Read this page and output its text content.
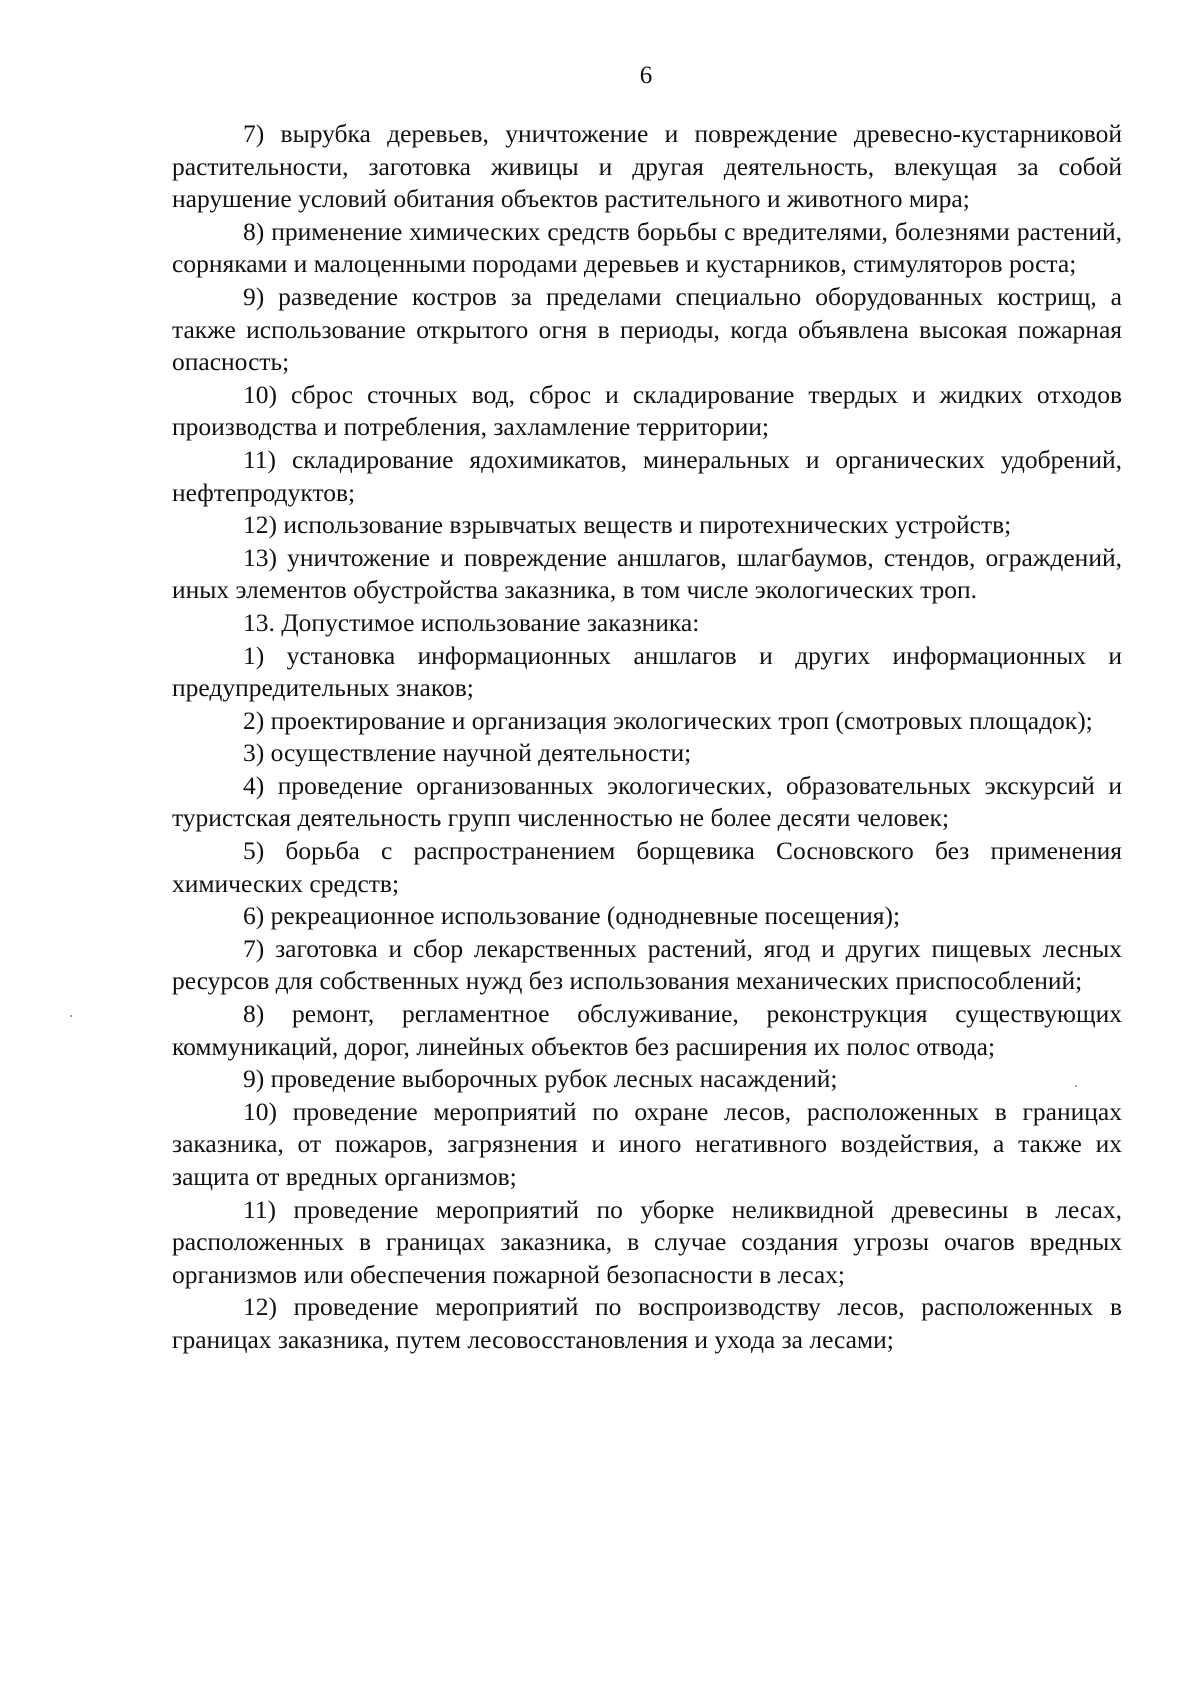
6

7) вырубка деревьев, уничтожение и повреждение древесно-кустарниковой растительности, заготовка живицы и другая деятельность, влекущая за собой нарушение условий обитания объектов растительного и животного мира;

8) применение химических средств борьбы с вредителями, болезнями растений, сорняками и малоценными породами деревьев и кустарников, стимуляторов роста;

9) разведение костров за пределами специально оборудованных кострищ, а также использование открытого огня в периоды, когда объявлена высокая пожарная опасность;

10) сброс сточных вод, сброс и складирование твердых и жидких отходов производства и потребления, захламление территории;

11) складирование ядохимикатов, минеральных и органических удобрений, нефтепродуктов;

12) использование взрывчатых веществ и пиротехнических устройств;

13) уничтожение и повреждение аншлагов, шлагбаумов, стендов, ограждений, иных элементов обустройства заказника, в том числе экологических троп.

13. Допустимое использование заказника:

1) установка информационных аншлагов и других информационных и предупредительных знаков;

2) проектирование и организация экологических троп (смотровых площадок);

3) осуществление научной деятельности;

4) проведение организованных экологических, образовательных экскурсий и туристская деятельность групп численностью не более десяти человек;

5) борьба с распространением борщевика Сосновского без применения химических средств;

6) рекреационное использование (однодневные посещения);

7) заготовка и сбор лекарственных растений, ягод и других пищевых лесных ресурсов для собственных нужд без использования механических приспособлений;

8) ремонт, регламентное обслуживание, реконструкция существующих коммуникаций, дорог, линейных объектов без расширения их полос отвода;

9) проведение выборочных рубок лесных насаждений;

10) проведение мероприятий по охране лесов, расположенных в границах заказника, от пожаров, загрязнения и иного негативного воздействия, а также их защита от вредных организмов;

11) проведение мероприятий по уборке неликвидной древесины в лесах, расположенных в границах заказника, в случае создания угрозы очагов вредных организмов или обеспечения пожарной безопасности в лесах;

12) проведение мероприятий по воспроизводству лесов, расположенных в границах заказника, путем лесовосстановления и ухода за лесами;
